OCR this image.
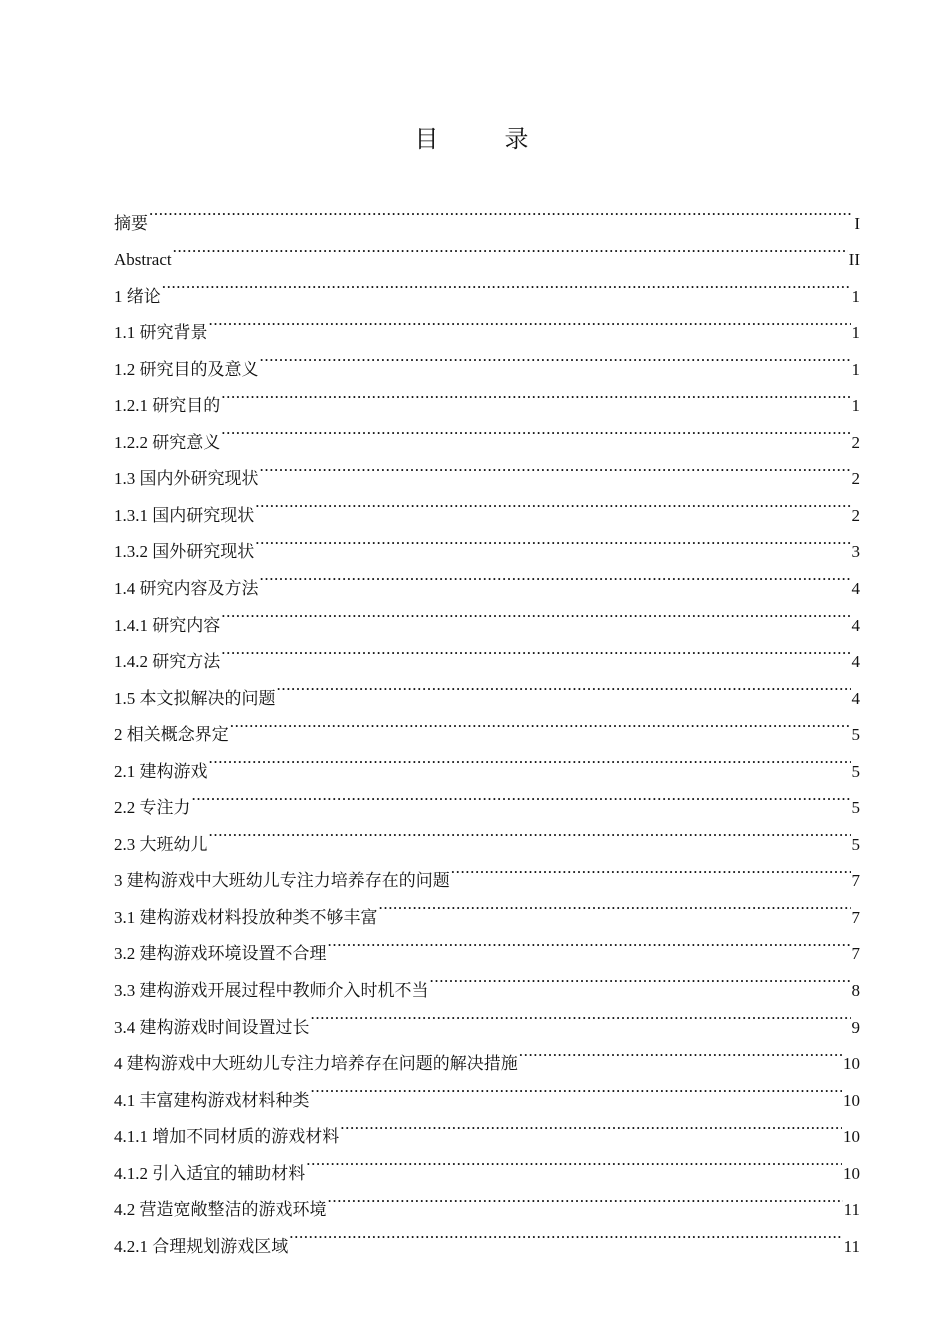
目 录
摘要 .....	I
Abstract .....	II
1 绪论 .....	1
1.1 研究背景 .....	1
1.2 研究目的及意义 .....	1
1.2.1 研究目的 .....	1
1.2.2 研究意义 .....	2
1.3 国内外研究现状 .....	2
1.3.1 国内研究现状 .....	2
1.3.2 国外研究现状 .....	3
1.4 研究内容及方法 .....	4
1.4.1 研究内容 .....	4
1.4.2 研究方法 .....	4
1.5 本文拟解决的问题 .....	4
2 相关概念界定 .....	5
2.1 建构游戏 .....	5
2.2 专注力 .....	5
2.3 大班幼儿 .....	5
3 建构游戏中大班幼儿专注力培养存在的问题 .....	7
3.1 建构游戏材料投放种类不够丰富 .....	7
3.2 建构游戏环境设置不合理 .....	7
3.3 建构游戏开展过程中教师介入时机不当 .....	8
3.4 建构游戏时间设置过长 .....	9
4 建构游戏中大班幼儿专注力培养存在问题的解决措施 .....	10
4.1 丰富建构游戏材料种类 .....	10
4.1.1 增加不同材质的游戏材料 .....	10
4.1.2 引入适宜的辅助材料 .....	10
4.2 营造宽敞整洁的游戏环境 .....	11
4.2.1 合理规划游戏区域 .....	11
